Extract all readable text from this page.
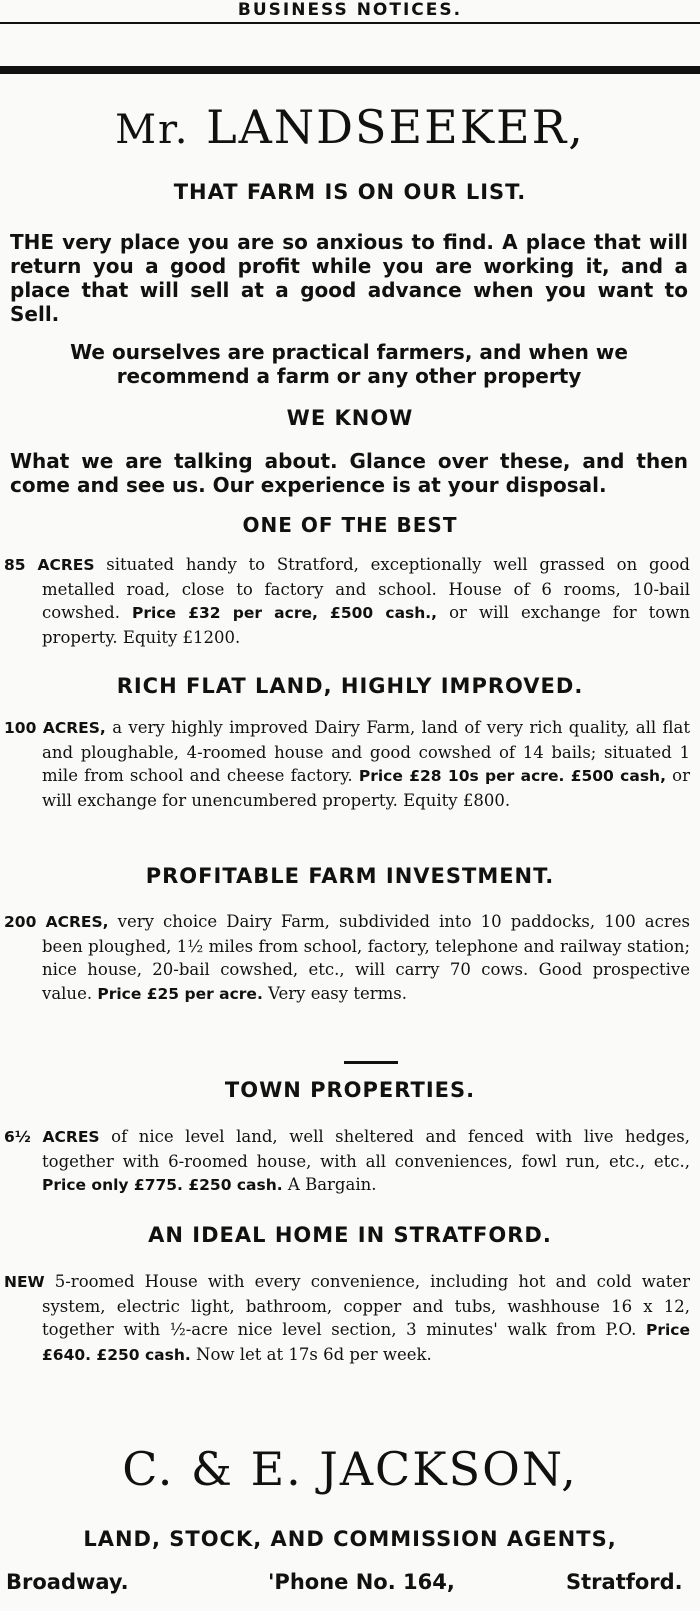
BUSINESS NOTICES.
Mr. LANDSEEKER,
THAT FARM IS ON OUR LIST.
THE very place you are so anxious to find. A place that will return you a good profit while you are working it, and a place that will sell at a good advance when you want to Sell.
We ourselves are practical farmers, and when we recommend a farm or any other property
WE KNOW
What we are talking about. Glance over these, and then come and see us. Our experience is at your disposal.
ONE OF THE BEST
85 ACRES situated handy to Stratford, exceptionally well grassed on good metalled road, close to factory and school. House of 6 rooms, 10-bail cowshed. Price £32 per acre, £500 cash., or will exchange for town property. Equity £1200.
RICH FLAT LAND, HIGHLY IMPROVED.
100 ACRES, a very highly improved Dairy Farm, land of very rich quality, all flat and ploughable, 4-roomed house and good cowshed of 14 bails; situated 1 mile from school and cheese factory. Price £28 10s per acre. £500 cash, or will exchange for unencumbered property. Equity £800.
PROFITABLE FARM INVESTMENT.
200 ACRES, very choice Dairy Farm, subdivided into 10 paddocks, 100 acres been ploughed, 1½ miles from school, factory, telephone and railway station; nice house, 20-bail cowshed, etc., will carry 70 cows. Good prospective value. Price £25 per acre. Very easy terms.
TOWN PROPERTIES.
6½ ACRES of nice level land, well sheltered and fenced with live hedges, together with 6-roomed house, with all conveniences, fowl run, etc., etc., Price only £775. £250 cash. A Bargain.
AN IDEAL HOME IN STRATFORD.
NEW 5-roomed House with every convenience, including hot and cold water system, electric light, bathroom, copper and tubs, washhouse 16 x 12, together with ½-acre nice level section, 3 minutes' walk from P.O. Price £640. £250 cash. Now let at 17s 6d per week.
C. & E. JACKSON,
LAND, STOCK, AND COMMISSION AGENTS,
Broadway.	'Phone No. 164,	Stratford.
